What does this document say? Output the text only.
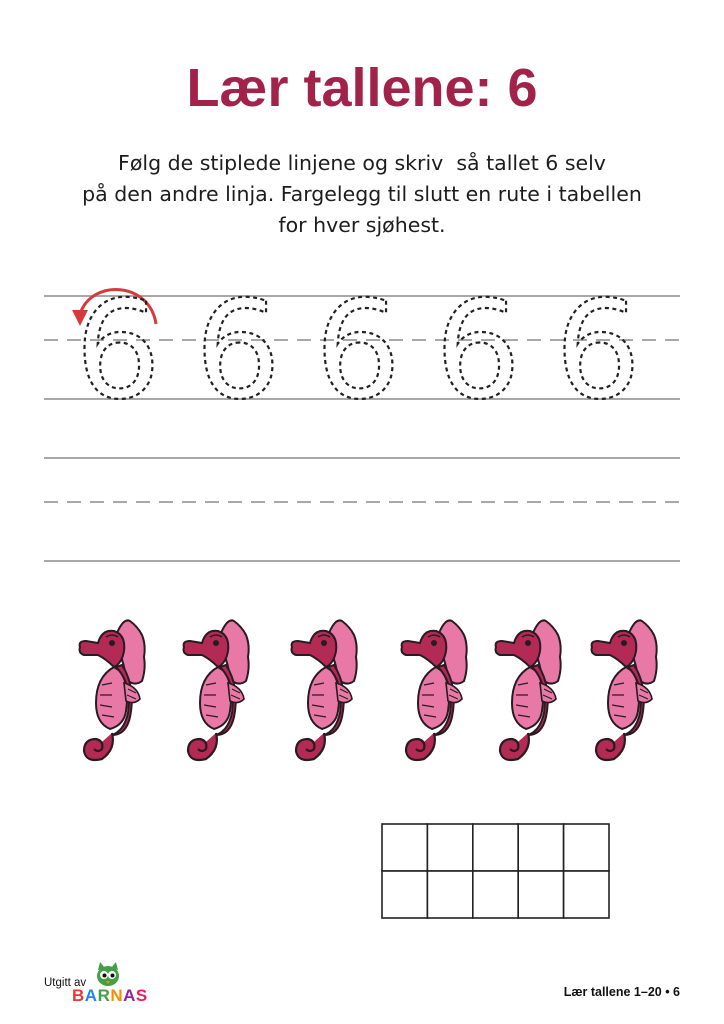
Lær tallene: 6
Følg de stiplede linjene og skriv  så tallet 6 selv
på den andre linja. Fargelegg til slutt en rute i tabellen
for hver sjøhest.
6 6 6 6 6
Utgitt av
BARNAS	Lær tallene 1–20 • 6
